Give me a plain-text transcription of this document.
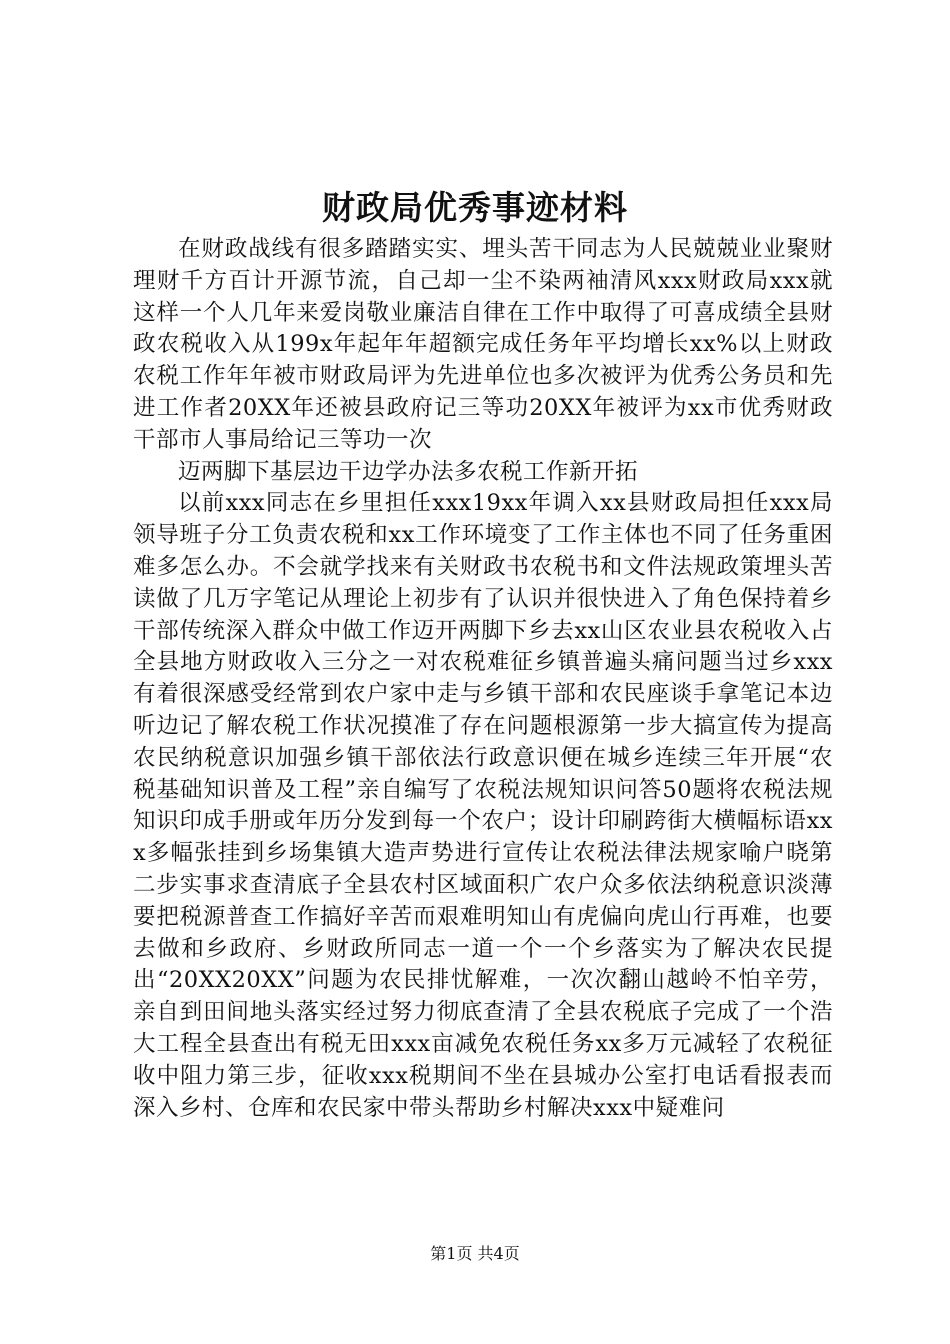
财政局优秀事迹材料

在财政战线有很多踏踏实实、埋头苦干同志为人民兢兢业业聚财理财千方百计开源节流，自己却一尘不染两袖清风xxx财政局xxx就这样一个人几年来爱岗敬业廉洁自律在工作中取得了可喜成绩全县财政农税收入从199x年起年年超额完成任务年平均增长xx%以上财政农税工作年年被市财政局评为先进单位也多次被评为优秀公务员和先进工作者20XX年还被县政府记三等功20XX年被评为xx市优秀财政干部市人事局给记三等功一次

迈两脚下基层边干边学办法多农税工作新开拓

以前xxx同志在乡里担任xxx19xx年调入xx县财政局担任xxx局领导班子分工负责农税和xx工作环境变了工作主体也不同了任务重困难多怎么办。不会就学找来有关财政书农税书和文件法规政策埋头苦读做了几万字笔记从理论上初步有了认识并很快进入了角色保持着乡干部传统深入群众中做工作迈开两脚下乡去xx山区农业县农税收入占全县地方财政收入三分之一对农税难征乡镇普遍头痛问题当过乡xxx有着很深感受经常到农户家中走与乡镇干部和农民座谈手拿笔记本边听边记了解农税工作状况摸准了存在问题根源第一步大搞宣传为提高农民纳税意识加强乡镇干部依法行政意识便在城乡连续三年开展“农税基础知识普及工程”亲自编写了农税法规知识问答50题将农税法规知识印成手册或年历分发到每一个农户；设计印刷跨街大横幅标语xxx多幅张挂到乡场集镇大造声势进行宣传让农税法律法规家喻户晓第二步实事求查清底子全县农村区域面积广农户众多依法纳税意识淡薄要把税源普查工作搞好辛苦而艰难明知山有虎偏向虎山行再难，也要去做和乡政府、乡财政所同志一道一个一个乡落实为了解决农民提出“20XX20XX”问题为农民排忧解难，一次次翻山越岭不怕辛劳，亲自到田间地头落实经过努力彻底查清了全县农税底子完成了一个浩大工程全县查出有税无田xxx亩减免农税任务xx多万元减轻了农税征收中阻力第三步，征收xxx税期间不坐在县城办公室打电话看报表而深入乡村、仓库和农民家中带头帮助乡村解决xxx中疑难问

第1页 共4页
